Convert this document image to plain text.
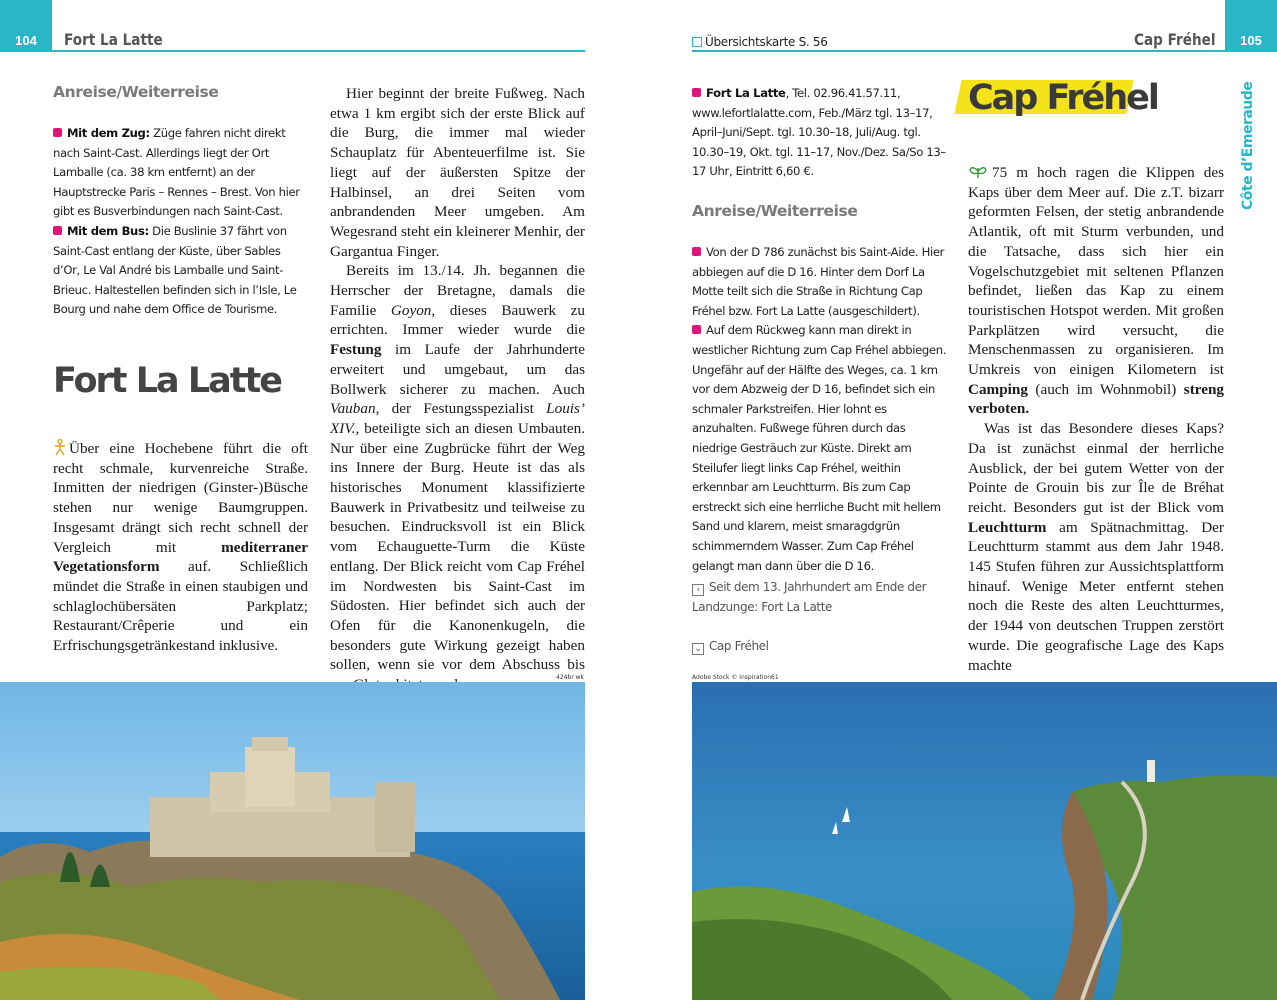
104 Fort La Latte
Anreise/Weiterreise
Mit dem Zug: Züge fahren nicht direkt nach Saint-Cast. Allerdings liegt der Ort Lamballe (ca. 38 km entfernt) an der Hauptstrecke Paris – Rennes – Brest. Von hier gibt es Busverbindungen nach Saint-Cast.
Mit dem Bus: Die Buslinie 37 fährt von Saint-Cast entlang der Küste, über Sables d’Or, Le Val André bis Lamballe und Saint-Brieuc. Haltestellen befinden sich in l’Isle, Le Bourg und nahe dem Office de Tourisme.
Fort La Latte

Über eine Hochebene führt die oft recht schmale, kurvenreiche Straße. Inmitten der niedrigen (Ginster-)Büsche stehen nur wenige Baumgruppen. Insgesamt drängt sich recht schnell der Vergleich mit mediterraner Vegetationsform auf. Schließlich mündet die Straße in einen staubigen und schlaglochübersäten Parkplatz; Restaurant/Crêperie und ein Erfrischungsgetränkestand inklusive.

Hier beginnt der breite Fußweg. Nach etwa 1 km ergibt sich der erste Blick auf die Burg, die immer mal wieder Schauplatz für Abenteuerfilme ist. Sie liegt auf der äußersten Spitze der Halbinsel, an drei Seiten vom anbrandenden Meer umgeben. Am Wegesrand steht ein kleinerer Menhir, der Gargantua Finger.

Bereits im 13./14. Jh. begannen die Herrscher der Bretagne, damals die Familie Goyon, dieses Bauwerk zu errichten. Immer wieder wurde die Festung im Laufe der Jahrhunderte erweitert und umgebaut, um das Bollwerk sicherer zu machen. Auch Vauban, der Festungsspezialist Louis’ XIV., beteiligte sich an diesen Umbauten. Nur über eine Zugbrücke führt der Weg ins Innere der Burg. Heute ist das als historisches Monument klassifizierte Bauwerk in Privatbesitz und teilweise zu besuchen. Eindrucksvoll ist ein Blick vom Echauguette-Turm die Küste entlang. Der Blick reicht vom Cap Fréhel im Nordwesten bis Saint-Cast im Südosten. Hier befindet sich auch der Ofen für die Kanonenkugeln, die besonders gute Wirkung gezeigt haben sollen, wenn sie vor dem Abschuss bis

424br wk
105
Übersichtskarte S. 56	Cap Fréhel
Côte d’Emeraude
Fort La Latte, Tel. 02.96.41.57.11, www.lefortlalatte.com, Feb./März tgl. 13–17, April–Juni/Sept. tgl. 10.30–18, Juli/Aug. tgl. 10.30–19, Okt. tgl. 11–17, Nov./Dez. Sa/So 13–17 Uhr, Eintritt 6,60 €.
Anreise/Weiterreise
Von der D 786 zunächst bis Saint-Aide. Hier abbiegen auf die D 16. Hinter dem Dorf La Motte teilt sich die Straße in Richtung Cap Fréhel bzw. Fort La Latte (ausgeschildert).
Auf dem Rückweg kann man direkt in westlicher Richtung zum Cap Fréhel abbiegen. Ungefähr auf der Hälfte des Weges, ca. 1 km vor dem Abzweig der D 16, befindet sich ein schmaler Parkstreifen. Hier lohnt es anzuhalten. Fußwege führen durch das niedrige Gesträuch zur Küste. Direkt am Steilufer liegt links Cap Fréhel, weithin erkennbar am Leuchtturm. Bis zum Cap erstreckt sich eine herrliche Bucht mit hellem Sand und klarem, meist smaragdgrün schimmerndem Wasser. Zum Cap Fréhel gelangt man dann über die D 16.
‹ Seit dem 13. Jahrhundert am Ende der Landzunge: Fort La Latte
⌄ Cap Fréhel
Cap Fréhel

75 m hoch ragen die Klippen des Kaps über dem Meer auf. Die z.T. bizarr geformten Felsen, der stetig anbrandende Atlantik, oft mit Sturm verbunden, und die Tatsache, dass sich hier ein Vogelschutzgebiet mit seltenen Pflanzen befindet, ließen das Kap zu einem touristischen Hotspot werden. Mit großen Parkplätzen wird versucht, die Menschenmassen zu organisieren. Im Umkreis von einigen Kilometern ist Camping (auch im Wohnmobil) streng verboten.

Was ist das Besondere dieses Kaps? Da ist zunächst einmal der herrliche Ausblick, der bei gutem Wetter von der Pointe de Grouin bis zur Île de Bréhat reicht. Besonders gut ist der Blick vom Leuchtturm am Spätnachmittag. Der Leuchtturm stammt aus dem Jahr 1948. 145 Stufen führen zur Aussichtsplattform hinauf. Wenige Meter entfernt stehen noch die Reste des alten Leuchtturmes, der 1944 von deutschen Truppen zerstört wurde. Die geografische Lage des Kaps machte

Adobe Stock © inspiration61
